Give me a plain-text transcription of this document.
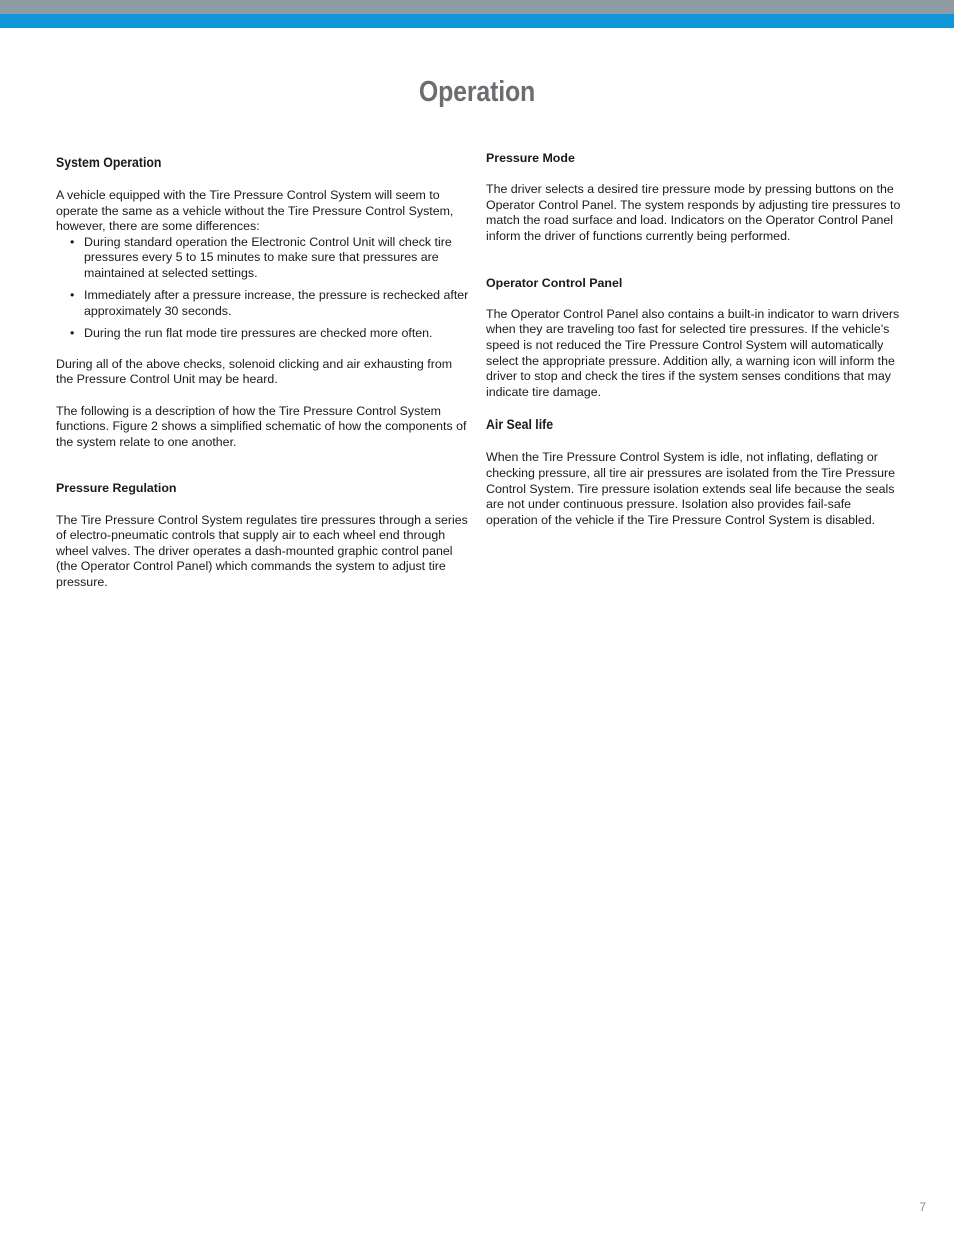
Operation
System Operation

A vehicle equipped with the Tire Pressure Control System will seem to operate the same as a vehicle without the Tire Pressure Control System, however, there are some differences:

• During standard operation the Electronic Control Unit will check tire pressures every 5 to 15 minutes to make sure that pressures are maintained at selected settings.
• Immediately after a pressure increase, the pressure is rechecked after approximately 30 seconds.
• During the run flat mode tire pressures are checked more often.

During all of the above checks, solenoid clicking and air exhausting from the Pressure Control Unit may be heard.

The following is a description of how the Tire Pressure Control System functions. Figure 2 shows a simplified schematic of how the components of the system relate to one another.

Pressure Regulation

The Tire Pressure Control System regulates tire pressures through a series of electro-pneumatic controls that supply air to each wheel end through wheel valves. The driver operates a dash-mounted graphic control panel (the Operator Control Panel) which commands the system to adjust tire pressure.

Pressure Mode

The driver selects a desired tire pressure mode by pressing buttons on the Operator Control Panel. The system responds by adjusting tire pressures to match the road surface and load. Indicators on the Operator Control Panel inform the driver of functions currently being performed.

Operator Control Panel

The Operator Control Panel also contains a built-in indicator to warn drivers when they are traveling too fast for selected tire pressures. If the vehicle’s speed is not reduced the Tire Pressure Control System will automatically select the appropriate pressure. Addition ally, a warning icon will inform the driver to stop and check the tires if the system senses conditions that may indicate tire damage.

Air Seal life

When the Tire Pressure Control System is idle, not inflating, deflating or checking pressure, all tire air pressures are isolated from the Tire Pressure Control System. Tire pressure isolation extends seal life because the seals are not under continuous pressure. Isolation also provides fail-safe operation of the vehicle if the Tire Pressure Control System is disabled.

7
